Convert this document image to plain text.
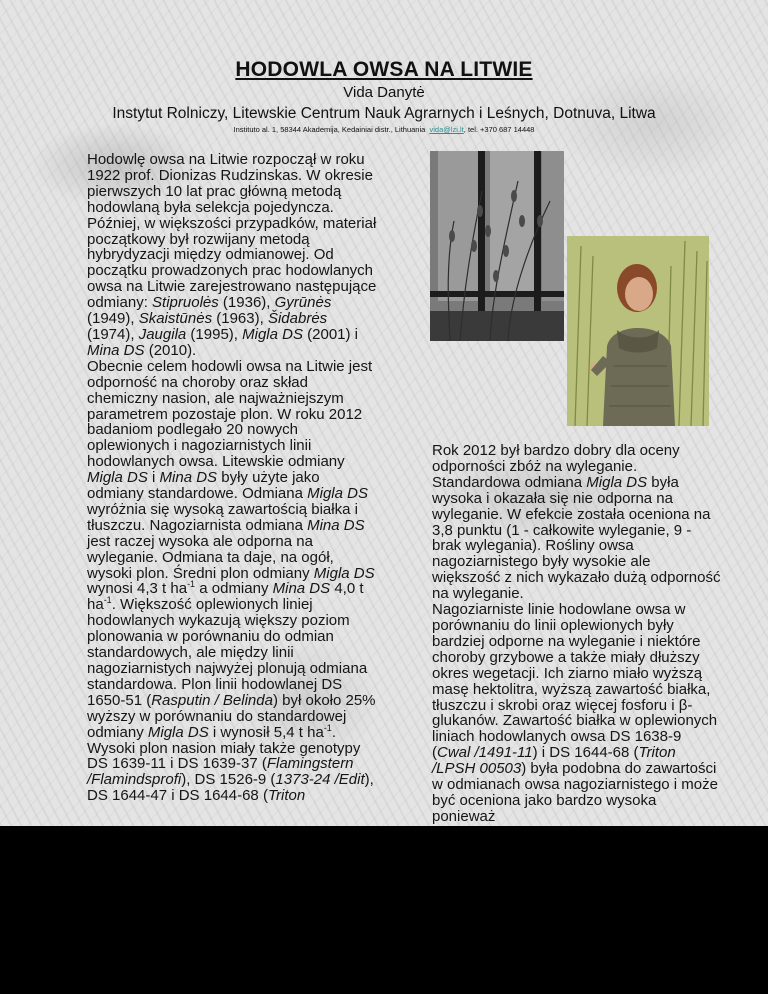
HODOWLA OWSA NA LITWIE
Vida Danytė
Instytut Rolniczy, Litewskie Centrum Nauk Agrarnych i Leśnych, Dotnuva, Litwa
Instituto al. 1, 58344 Akademija, Kedainiai distr., Lithuania vida@lzi.lt, tel. +370 687 14448

Hodowlę owsa na Litwie rozpoczął w roku 1922 prof. Dionizas Rudzinskas. W okresie pierwszych 10 lat prac główną metodą hodowlaną była selekcja pojedyncza. Później, w większości przypadków, materiał początkowy był rozwijany metodą hybrydyzacji między odmianowej. Od początku prowadzonych prac hodowlanych owsa na Litwie zarejestrowano następujące odmiany: Stipruolės (1936), Gyrūnės (1949), Skaistūnės (1963), Šidabrės (1974), Jaugila (1995), Migla DS (2001) i Mina DS (2010).

Obecnie celem hodowli owsa na Litwie jest odporność na choroby oraz skład chemiczny nasion, ale najważniejszym parametrem pozostaje plon. W roku 2012 badaniom podlegało 20 nowych oplewionych i nagoziarnistych linii hodowlanych owsa. Litewskie odmiany Migla DS i Mina DS były użyte jako odmiany standardowe. Odmiana Migla DS wyróżnia się wysoką zawartością białka i tłuszczu. Nagoziarnista odmiana Mina DS jest raczej wysoka ale odporna na wyleganie. Odmiana ta daje, na ogół, wysoki plon. Średni plon odmiany Migla DS wynosi 4,3 t $ha^{-1}$ a odmiany Mina DS 4,0 t $ha^{-1}$. Większość oplewionych liniej hodowlanych wykazują większy poziom plonowania w porównaniu do odmian standardowych, ale między linii nagoziarnistych najwyżej plonują odmiana standardowa. Plon linii hodowlanej DS 1650-51 (Rasputin / Belinda) był około 25% wyższy w porównaniu do standardowej odmiany Migla DS i wynosił 5,4 t $ha^{-1}$. Wysoki plon nasion miały także genotypy DS 1639-11 i DS 1639-37 (Flamingstern /Flamindsprofi), DS 1526-9 (1373-24 /Edit), DS 1644-47 i DS 1644-68 (Triton

Rok 2012 był bardzo dobry dla oceny odporności zbóż na wyleganie. Standardowa odmiana Migla DS była wysoka i okazała się nie odporna na wyleganie. W efekcie została oceniona na 3,8 punktu (1 - całkowite wyleganie, 9 - brak wylegania). Rośliny owsa nagoziarnistego były wysokie ale większość z nich wykazało dużą odporność na wyleganie.

Nagoziarniste linie hodowlane owsa w porównaniu do linii oplewionych były bardziej odporne na wyleganie i niektóre choroby grzybowe a także miały dłuższy okres wegetacji. Ich ziarno miało wyższą masę hektolitra, wyższą zawartość białka, tłuszczu i skrobi oraz więcej fosforu i β-glukanów. Zawartość białka w oplewionych liniach hodowlanych owsa DS 1638-9 (Cwal /1491-11) i DS 1644-68 (Triton /LPSH 00503) była podobna do zawartości w odmianach owsa nagoziarnistego i może być oceniona jako bardzo wysoka ponieważ
